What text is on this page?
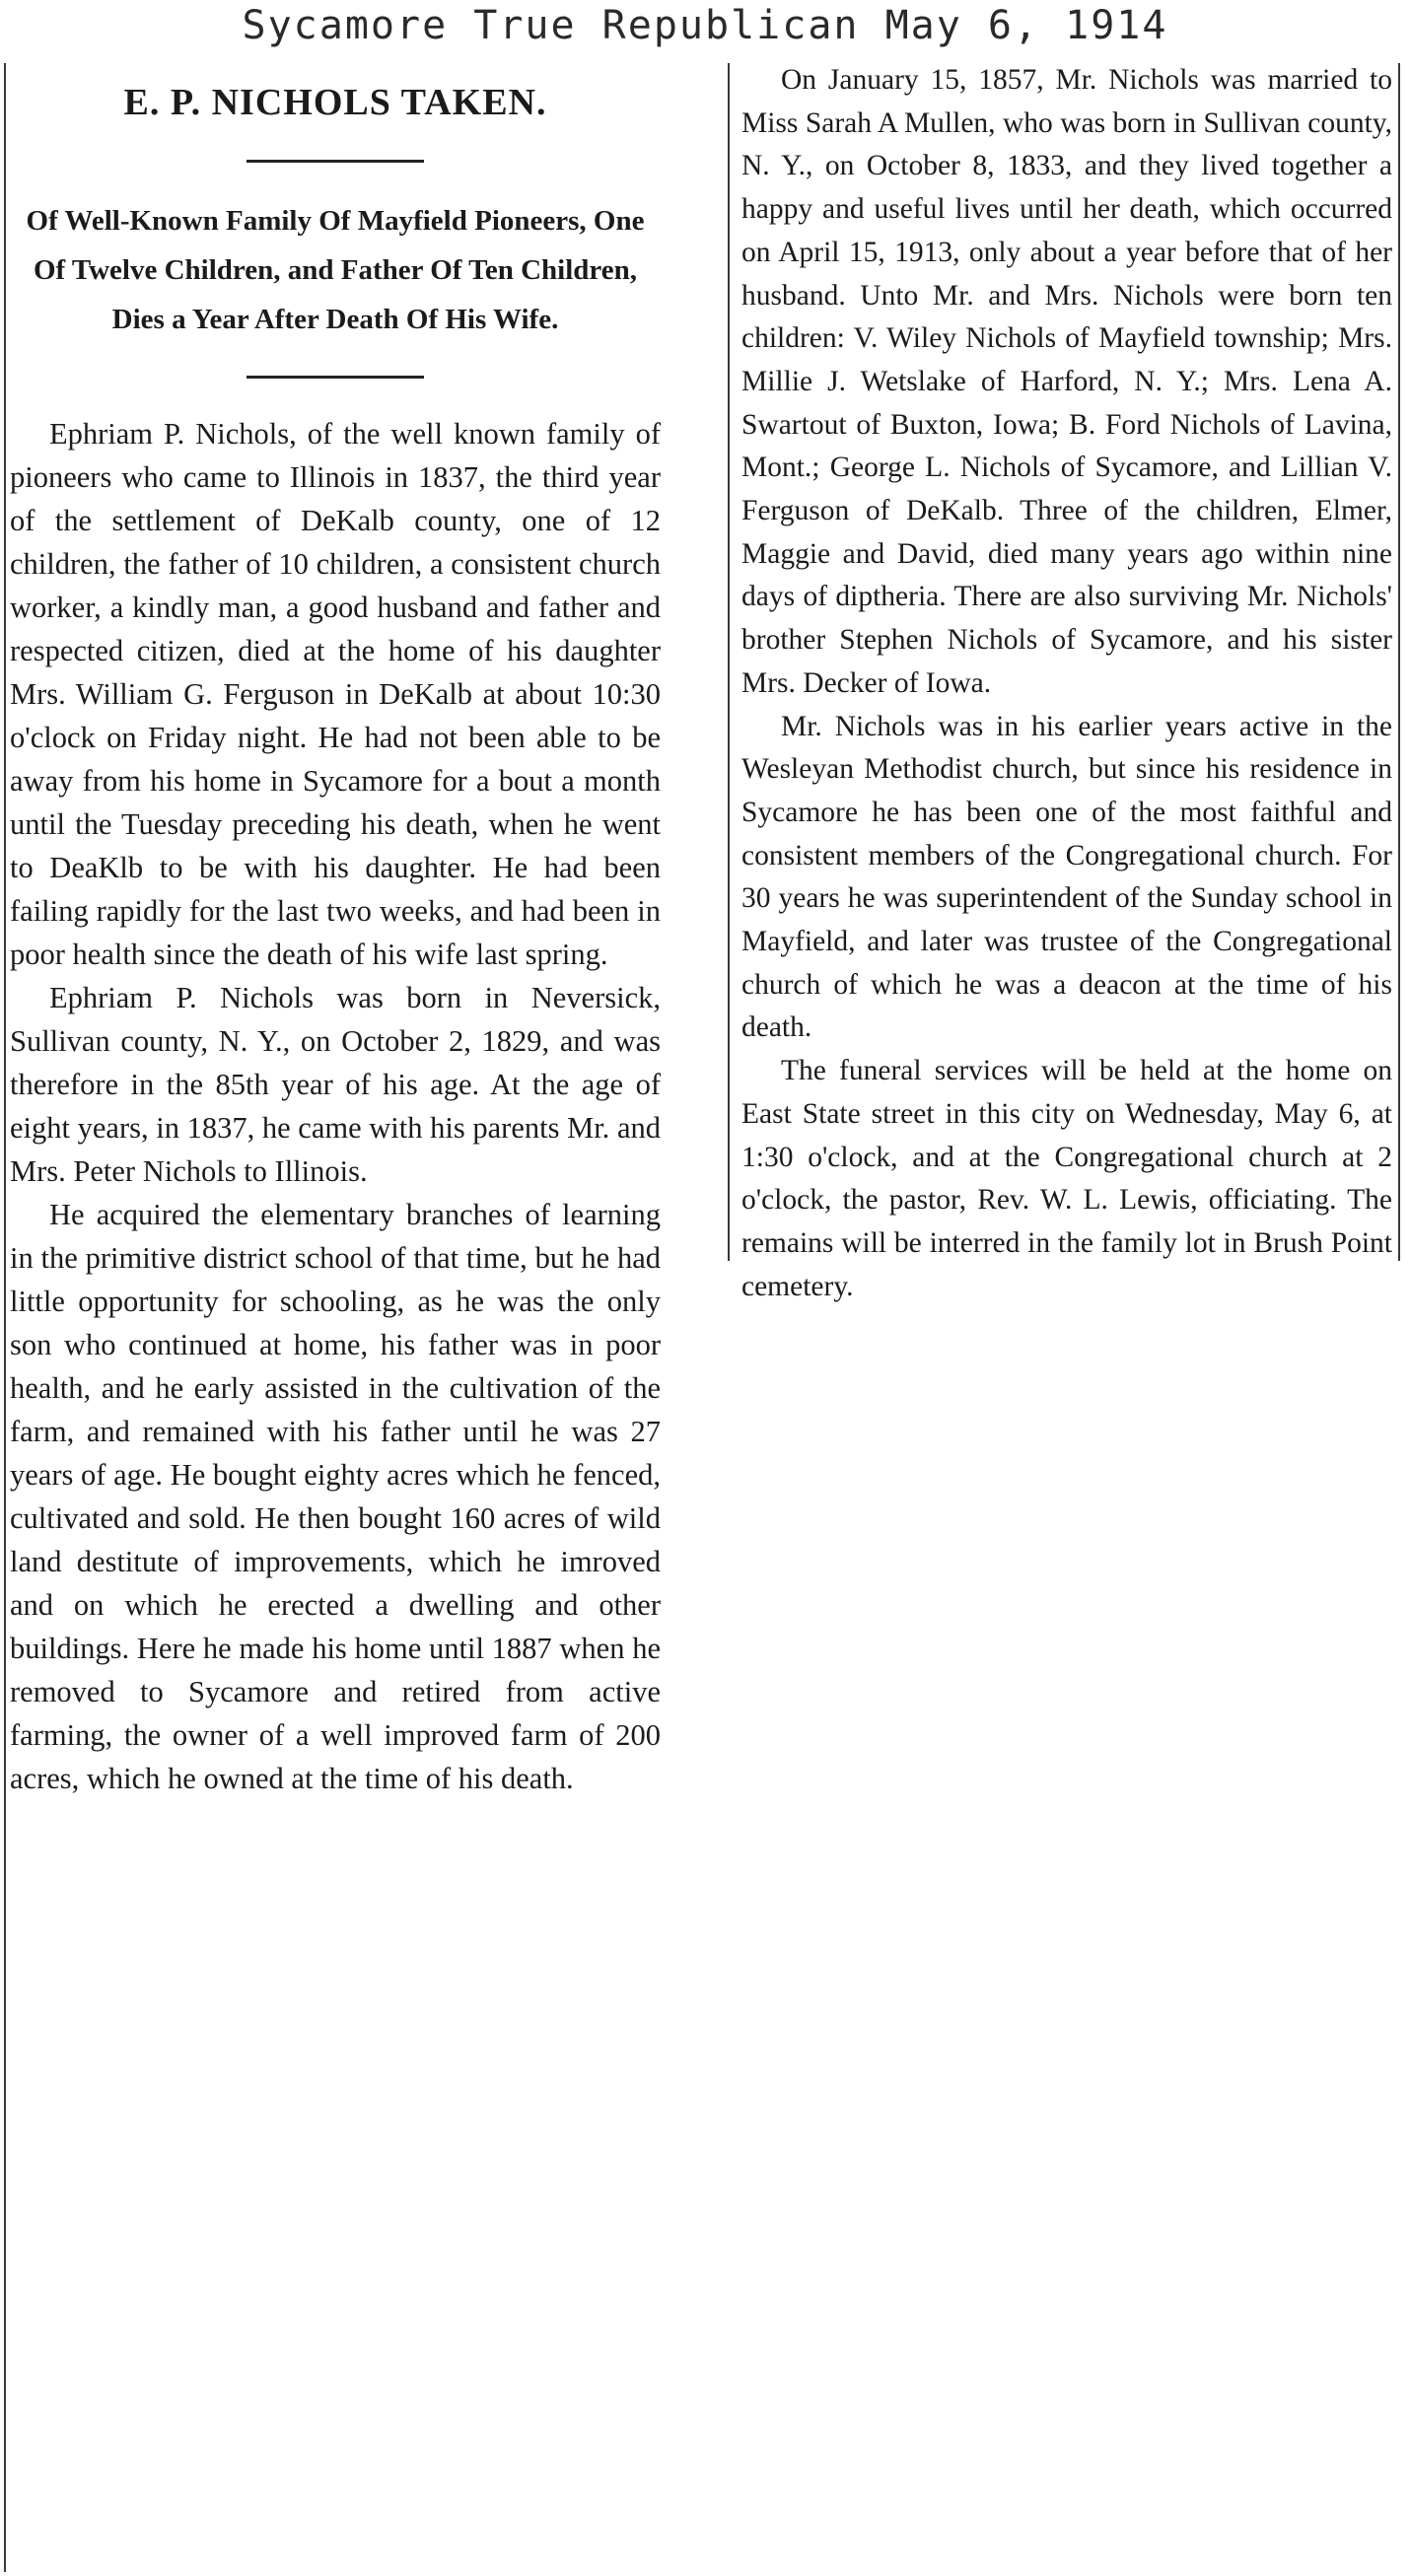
Sycamore True Republican May 6, 1914
E. P. NICHOLS TAKEN.
Of Well-Known Family Of Mayfield Pioneers, One Of Twelve Children, and Father Of Ten Children, Dies a Year After Death Of His Wife.

Ephriam P. Nichols, of the well known family of pioneers who came to Illinois in 1837, the third year of the settlement of DeKalb county, one of 12 children, the father of 10 children, a consistent church worker, a kindly man, a good husband and father and respected citizen, died at the home of his daughter Mrs. William G. Ferguson in DeKalb at about 10:30 o'clock on Friday night. He had not been able to be away from his home in Sycamore for a bout a month until the Tuesday preceding his death, when he went to DeaKlb to be with his daughter. He had been failing rapidly for the last two weeks, and had been in poor health since the death of his wife last spring.

Ephriam P. Nichols was born in Neversick, Sullivan county, N. Y., on October 2, 1829, and was therefore in the 85th year of his age. At the age of eight years, in 1837, he came with his parents Mr. and Mrs. Peter Nichols to Illinois.

He acquired the elementary branches of learning in the primitive district school of that time, but he had little opportunity for schooling, as he was the only son who continued at home, his father was in poor health, and he early assisted in the cultivation of the farm, and remained with his father until he was 27 years of age. He bought eighty acres which he fenced, cultivated and sold. He then bought 160 acres of wild land destitute of improvements, which he imroved and on which he erected a dwelling and other buildings. Here he made his home until 1887 when he removed to Sycamore and retired from active farming, the owner of a well improved farm of 200 acres, which he owned at the time of his death.

On January 15, 1857, Mr. Nichols was married to Miss Sarah A Mullen, who was born in Sullivan county, N. Y., on October 8, 1833, and they lived together a happy and useful lives until her death, which occurred on April 15, 1913, only about a year before that of her husband. Unto Mr. and Mrs. Nichols were born ten children: V. Wiley Nichols of Mayfield township; Mrs. Millie J. Wetslake of Harford, N. Y.; Mrs. Lena A. Swartout of Buxton, Iowa; B. Ford Nichols of Lavina, Mont.; George L. Nichols of Sycamore, and Lillian V. Ferguson of DeKalb. Three of the children, Elmer, Maggie and David, died many years ago within nine days of diptheria. There are also surviving Mr. Nichols' brother Stephen Nichols of Sycamore, and his sister Mrs. Decker of Iowa.

Mr. Nichols was in his earlier years active in the Wesleyan Methodist church, but since his residence in Sycamore he has been one of the most faithful and consistent members of the Congregational church. For 30 years he was superintendent of the Sunday school in Mayfield, and later was trustee of the Congregational church of which he was a deacon at the time of his death.

The funeral services will be held at the home on East State street in this city on Wednesday, May 6, at 1:30 o'clock, and at the Congregational church at 2 o'clock, the pastor, Rev. W. L. Lewis, officiating. The remains will be interred in the family lot in Brush Point cemetery.
